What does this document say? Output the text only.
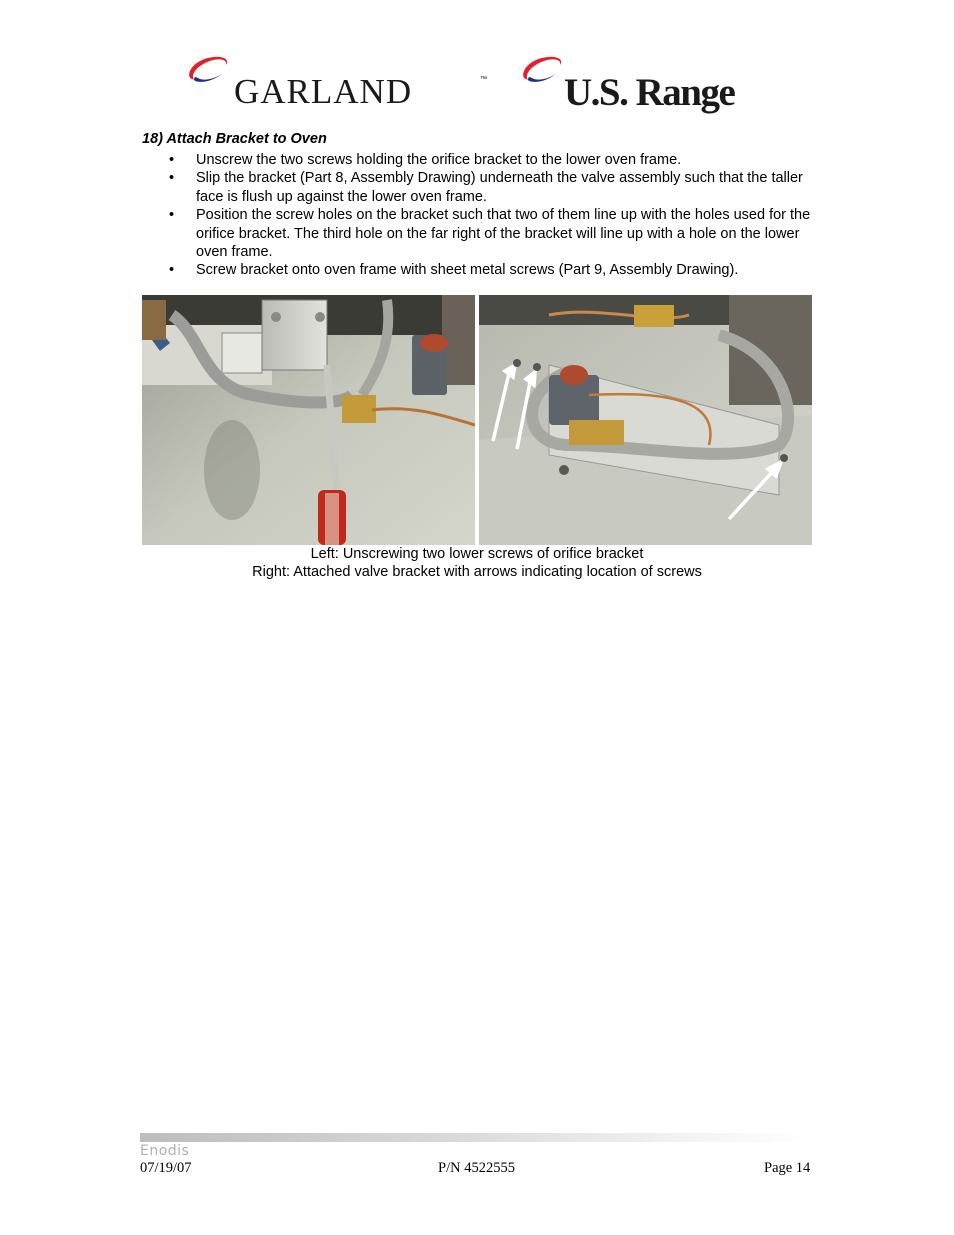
GARLAND	™ U.S. Range

18) Attach Bracket to Oven

• Unscrew the two screws holding the orifice bracket to the lower oven frame.
• Slip the bracket (Part 8, Assembly Drawing) underneath the valve assembly such that the taller face is flush up against the lower oven frame.
• Position the screw holes on the bracket such that two of them line up with the holes used for the orifice bracket. The third hole on the far right of the bracket will line up with a hole on the lower oven frame.
• Screw bracket onto oven frame with sheet metal screws (Part 9, Assembly Drawing).
Left: Unscrewing two lower screws of orifice bracket
Right: Attached valve bracket with arrows indicating location of screws
Enodis
07/19/07	P/N 4522555	Page 14
